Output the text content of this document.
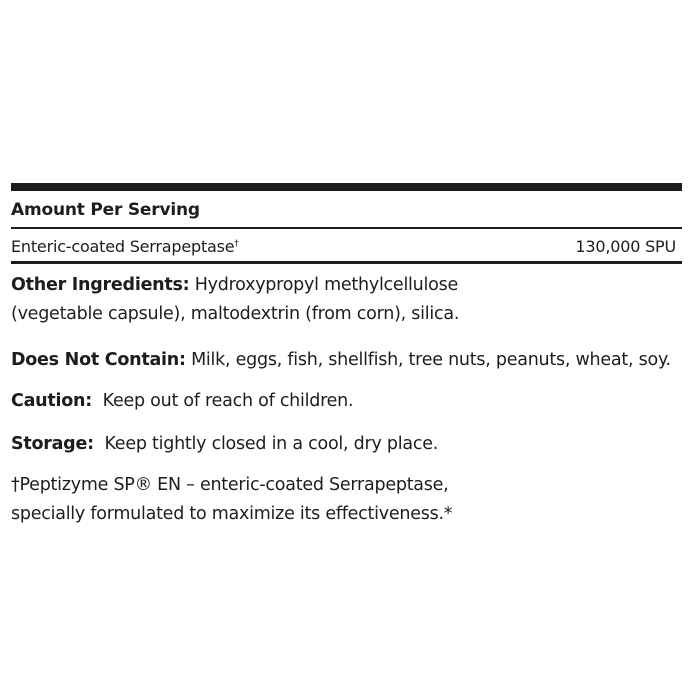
Amount Per Serving
Enteric-coated Serrapeptase†	130,000 SPU

Other Ingredients: Hydroxypropyl methylcellulose
(vegetable capsule), maltodextrin (from corn), silica.

Does Not Contain: Milk, eggs, fish, shellfish, tree nuts, peanuts, wheat, soy.

Caution:  Keep out of reach of children.

Storage:  Keep tightly closed in a cool, dry place.

†Peptizyme SP® EN – enteric-coated Serrapeptase,
specially formulated to maximize its effectiveness.*
